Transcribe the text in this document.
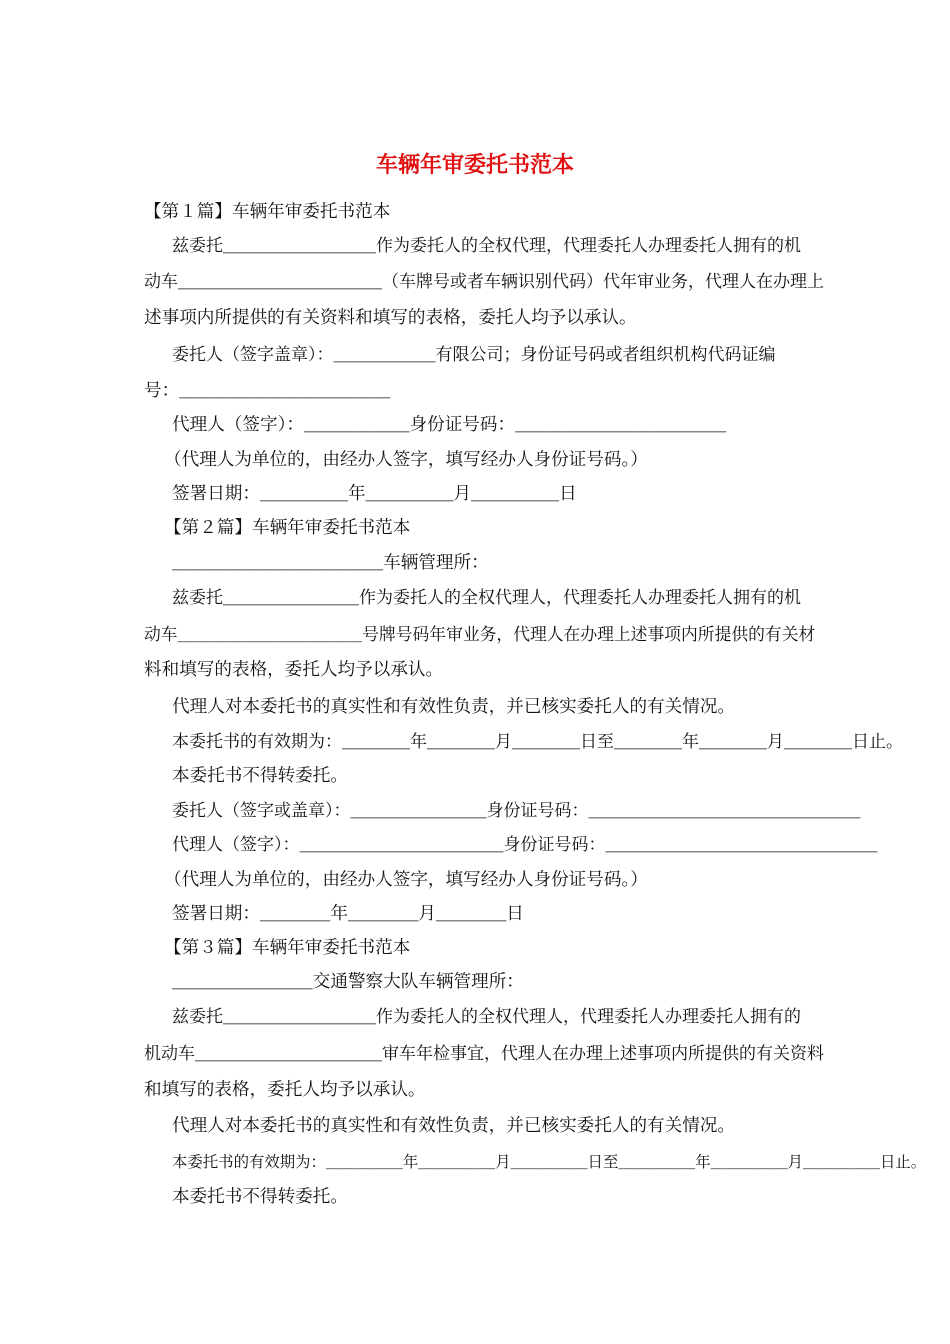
车辆年审委托书范本
【第１篇】车辆年审委托书范本
兹委托＿＿＿＿＿＿＿＿＿作为委托人的全权代理，代理委托人办理委托人拥有的机
动车＿＿＿＿＿＿＿＿＿＿＿＿（车牌号或者车辆识别代码）代年审业务，代理人在办理上
述事项内所提供的有关资料和填写的表格，委托人均予以承认。
委托人（签字盖章）：＿＿＿＿＿＿有限公司；身份证号码或者组织机构代码证编
号：＿＿＿＿＿＿＿＿＿＿＿＿
代理人（签字）：＿＿＿＿＿＿身份证号码：＿＿＿＿＿＿＿＿＿＿＿＿
（代理人为单位的，由经办人签字，填写经办人身份证号码。）
签署日期：＿＿＿＿＿年＿＿＿＿＿月＿＿＿＿＿日
【第２篇】车辆年审委托书范本
＿＿＿＿＿＿＿＿＿＿＿＿车辆管理所：
兹委托＿＿＿＿＿＿＿＿作为委托人的全权代理人，代理委托人办理委托人拥有的机
动车＿＿＿＿＿＿＿＿＿＿＿号牌号码年审业务，代理人在办理上述事项内所提供的有关材
料和填写的表格，委托人均予以承认。
代理人对本委托书的真实性和有效性负责，并已核实委托人的有关情况。
本委托书的有效期为：＿＿＿＿年＿＿＿＿月＿＿＿＿日至＿＿＿＿年＿＿＿＿月＿＿＿＿日止。
本委托书不得转委托。
委托人（签字或盖章）：＿＿＿＿＿＿＿＿身份证号码：＿＿＿＿＿＿＿＿＿＿＿＿＿＿＿＿
代理人（签字）：＿＿＿＿＿＿＿＿＿＿＿＿身份证号码：＿＿＿＿＿＿＿＿＿＿＿＿＿＿＿＿
（代理人为单位的，由经办人签字，填写经办人身份证号码。）
签署日期：＿＿＿＿年＿＿＿＿月＿＿＿＿日
【第３篇】车辆年审委托书范本
＿＿＿＿＿＿＿＿交通警察大队车辆管理所：
兹委托＿＿＿＿＿＿＿＿＿作为委托人的全权代理人，代理委托人办理委托人拥有的
机动车＿＿＿＿＿＿＿＿＿＿＿审车年检事宜，代理人在办理上述事项内所提供的有关资料
和填写的表格，委托人均予以承认。
代理人对本委托书的真实性和有效性负责，并已核实委托人的有关情况。
本委托书的有效期为：＿＿＿＿＿年＿＿＿＿＿月＿＿＿＿＿日至＿＿＿＿＿年＿＿＿＿＿月＿＿＿＿＿日止。
本委托书不得转委托。
